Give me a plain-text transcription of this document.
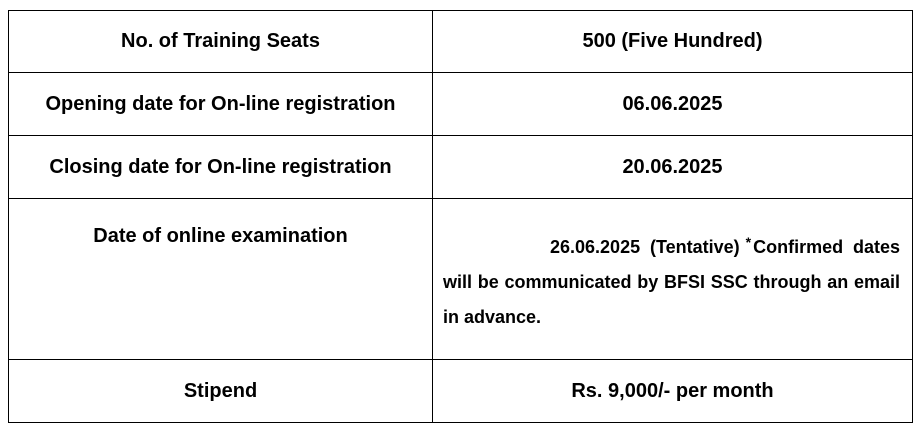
No. of Training Seats	500 (Five Hundred)
Opening date for On-line registration	06.06.2025
Closing date for On-line registration	20.06.2025
Date of online examination	26.06.2025 (Tentative) * Confirmed dates will be communicated by BFSI SSC through an email in advance.
Stipend	Rs. 9,000/- per month
